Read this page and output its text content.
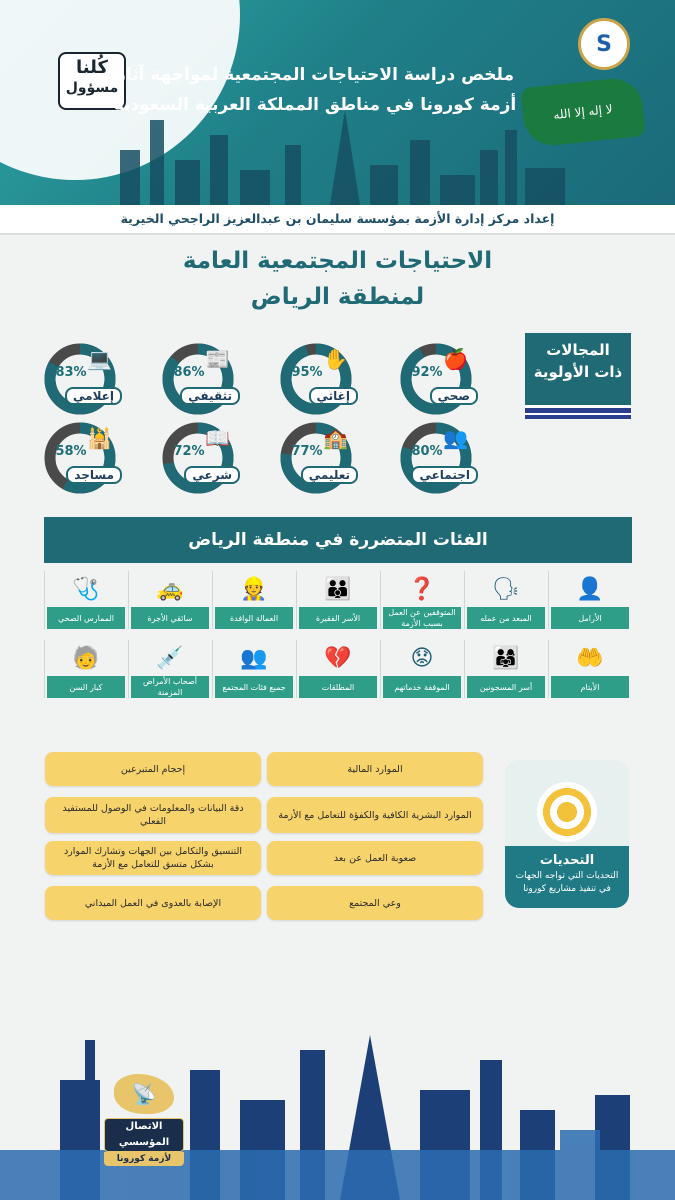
لا إله إلا الله
S
كُلنا
مسؤول
ملخص دراسة الاحتياجات المجتمعية لمواجهة آثار
أزمة كورونا في مناطق المملكة العربية السعودية
إعداد مركز إدارة الأزمة بمؤسسة سليمان بن عبدالعزيز الراجحي الخيرية
الاحتياجات المجتمعية العامة
لمنطقة الرياض
المجالات
ذات الأولوية
92%
🍎
صحي
95%
✋
إغاثي
86%
📰
تثقيفي
83%
💻
إعلامي
80%
👥
اجتماعي
77%
🏫
تعليمي
72%
📖
شرعي
58%
🕌
مساجد
الفئات المتضررة في منطقة الرياض
👤
الأرامل
🗣
المبعد من عمله
❓
المتوقفين عن العمل بسبب الأزمة
👪
الأسر الفقيرة
👷
العمالة الوافدة
🚕
سائقي الأجرة
🩺
الممارس الصحي
🤲
الأيتام
👨‍👩‍👧
أسر المسجونين
😟
الموقفة خدماتهم
💔
المطلقات
👥
جميع فئات المجتمع
💉
أصحاب الأمراض المزمنة
🧓
كبار السن
التحديات
التحديات التي تواجه الجهات
في تنفيذ مشاريع كورونا
الموارد المالية
الموارد البشرية الكافية والكفؤة للتعامل مع الأزمة
صعوبة العمل عن بعد
وعي المجتمع
إحجام المتبرعين
دقة البيانات والمعلومات في الوصول للمستفيد الفعلي
التنسيق والتكامل بين الجهات وتشارك الموارد بشكل متسق للتعامل مع الأزمة
الإصابة بالعدوى في العمل الميداني
📡
الاتصال المؤسسي
لأزمة كورونا
